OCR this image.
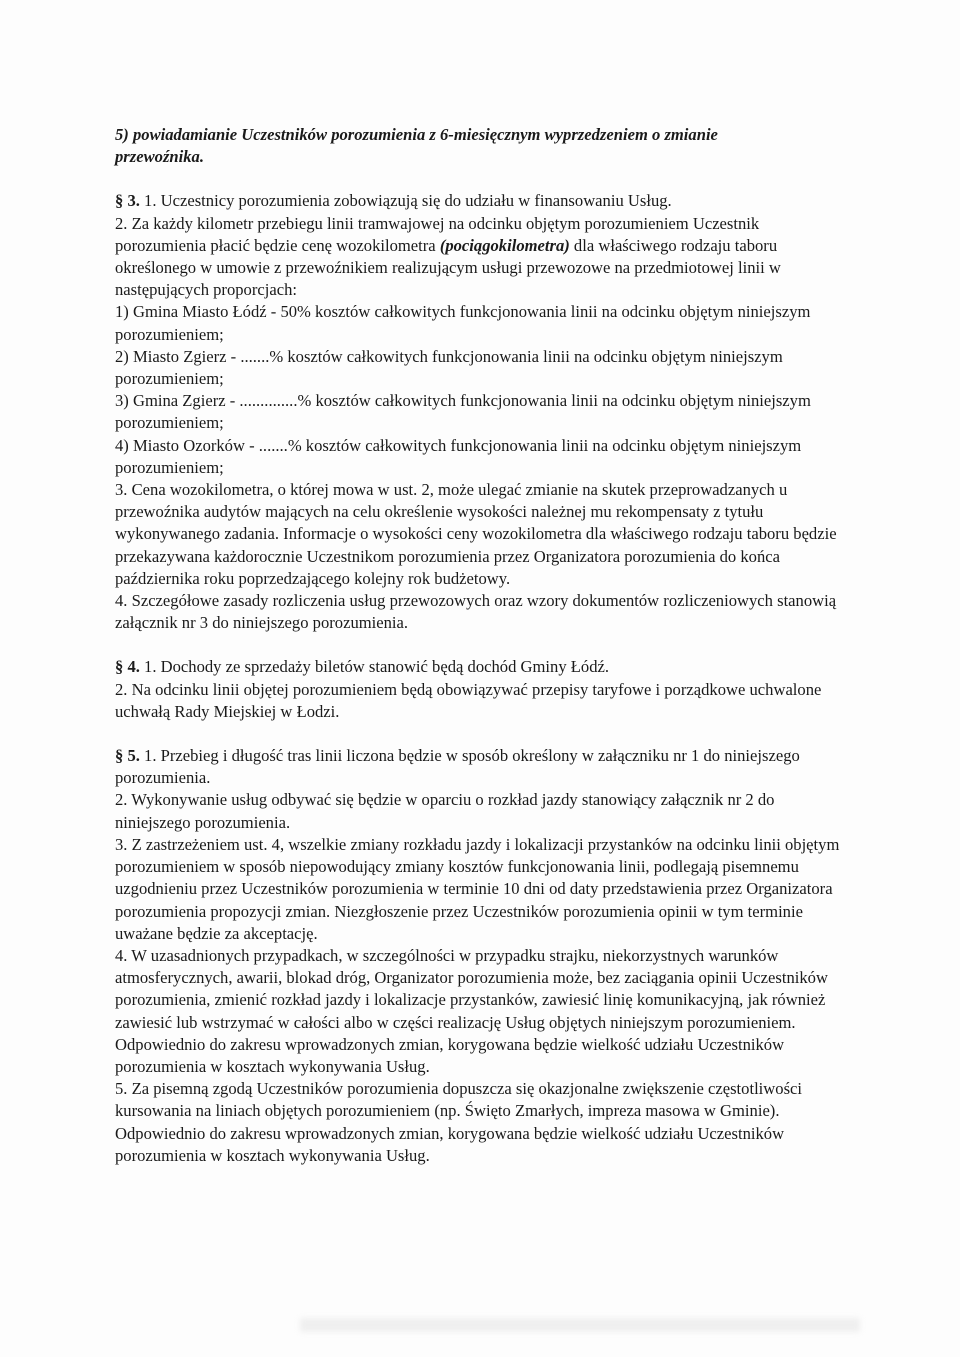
5) powiadamianie Uczestników porozumienia z 6-miesięcznym wyprzedzeniem o zmianie
przewoźnika.

§ 3. 1. Uczestnicy porozumienia zobowiązują się do udziału w finansowaniu Usług.

2. Za każdy kilometr przebiegu linii tramwajowej na odcinku objętym porozumieniem Uczestnik porozumienia płacić będzie cenę wozokilometra (pociągokilometra) dla właściwego rodzaju taboru określonego w umowie z przewoźnikiem realizującym usługi przewozowe na przedmiotowej linii w następujących proporcjach:

1) Gmina Miasto Łódź - 50% kosztów całkowitych funkcjonowania linii na odcinku objętym niniejszym porozumieniem;

2) Miasto Zgierz - .......% kosztów całkowitych funkcjonowania linii na odcinku objętym niniejszym porozumieniem;

3) Gmina Zgierz - ..............% kosztów całkowitych funkcjonowania linii na odcinku objętym niniejszym porozumieniem;

4) Miasto Ozorków - .......% kosztów całkowitych funkcjonowania linii na odcinku objętym niniejszym porozumieniem;

3. Cena wozokilometra, o której mowa w ust. 2, może ulegać zmianie na skutek przeprowadzanych u przewoźnika audytów mających na celu określenie wysokości należnej mu rekompensaty z tytułu wykonywanego zadania. Informacje o wysokości ceny wozokilometra dla właściwego rodzaju taboru będzie przekazywana każdorocznie Uczestnikom porozumienia przez Organizatora porozumienia do końca października roku poprzedzającego kolejny rok budżetowy.

4. Szczegółowe zasady rozliczenia usług przewozowych oraz wzory dokumentów rozliczeniowych stanowią załącznik nr 3 do niniejszego porozumienia.

§ 4. 1. Dochody ze sprzedaży biletów stanowić będą dochód Gminy Łódź.

2. Na odcinku linii objętej porozumieniem będą obowiązywać przepisy taryfowe i porządkowe uchwalone uchwałą Rady Miejskiej w Łodzi.

§ 5. 1. Przebieg i długość tras linii liczona będzie w sposób określony w załączniku nr 1 do niniejszego porozumienia.

2. Wykonywanie usług odbywać się będzie w oparciu o rozkład jazdy stanowiący załącznik nr 2 do niniejszego porozumienia.

3. Z zastrzeżeniem ust. 4, wszelkie zmiany rozkładu jazdy i lokalizacji przystanków na odcinku linii objętym porozumieniem w sposób niepowodujący zmiany kosztów funkcjonowania linii, podlegają pisemnemu uzgodnieniu przez Uczestników porozumienia w terminie 10 dni od daty przedstawienia przez Organizatora porozumienia propozycji zmian. Niezgłoszenie przez Uczestników porozumienia opinii w tym terminie uważane będzie za akceptację.

4. W uzasadnionych przypadkach, w szczególności w przypadku strajku, niekorzystnych warunków atmosferycznych, awarii, blokad dróg, Organizator porozumienia może, bez zaciągania opinii Uczestników porozumienia, zmienić rozkład jazdy i lokalizacje przystanków, zawiesić linię komunikacyjną, jak również zawiesić lub wstrzymać w całości albo w części realizację Usług objętych niniejszym porozumieniem. Odpowiednio do zakresu wprowadzonych zmian, korygowana będzie wielkość udziału Uczestników porozumienia w kosztach wykonywania Usług.

5. Za pisemną zgodą Uczestników porozumienia dopuszcza się okazjonalne zwiększenie częstotliwości kursowania na liniach objętych porozumieniem (np. Święto Zmarłych, impreza masowa w Gminie). Odpowiednio do zakresu wprowadzonych zmian, korygowana będzie wielkość udziału Uczestników porozumienia w kosztach wykonywania Usług.
